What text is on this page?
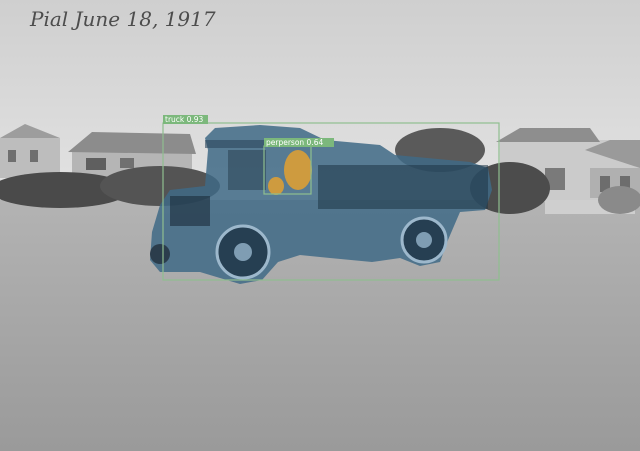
Pial June 18, 1917
truck 0.93
perperson 0.64
